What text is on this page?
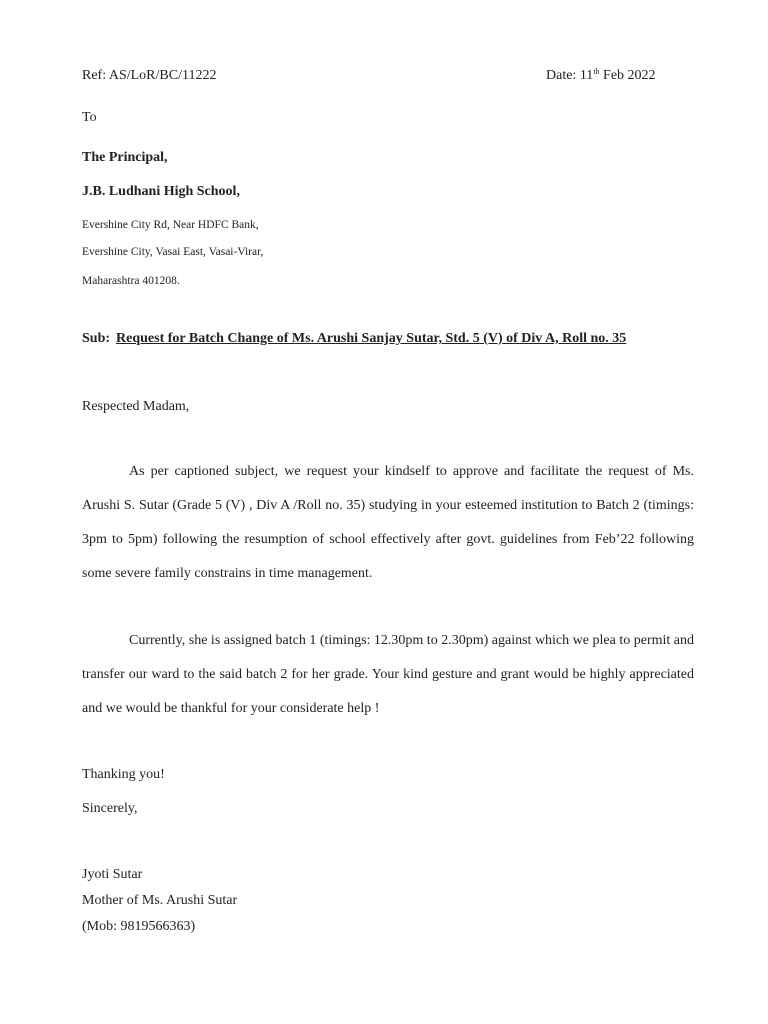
Ref: AS/LoR/BC/11222	Date: 11th Feb 2022
To
The Principal,
J.B. Ludhani High School,
Evershine City Rd, Near HDFC Bank,
Evershine City, Vasai East, Vasai-Virar,
Maharashtra 401208.
Sub: Request for Batch Change of Ms. Arushi Sanjay Sutar, Std. 5 (V) of Div A, Roll no. 35
Respected Madam,
As per captioned subject, we request your kindself to approve and facilitate the request of Ms. Arushi S. Sutar (Grade 5 (V) , Div A /Roll no. 35) studying in your esteemed institution to Batch 2 (timings: 3pm to 5pm) following the resumption of school effectively after govt. guidelines from Feb’22 following some severe family constrains in time management.
Currently, she is assigned batch 1 (timings: 12.30pm to 2.30pm) against which we plea to permit and transfer our ward to the said batch 2 for her grade. Your kind gesture and grant would be highly appreciated and we would be thankful for your considerate help !
Thanking you!
Sincerely,
Jyoti Sutar
Mother of Ms. Arushi Sutar
(Mob: 9819566363)
